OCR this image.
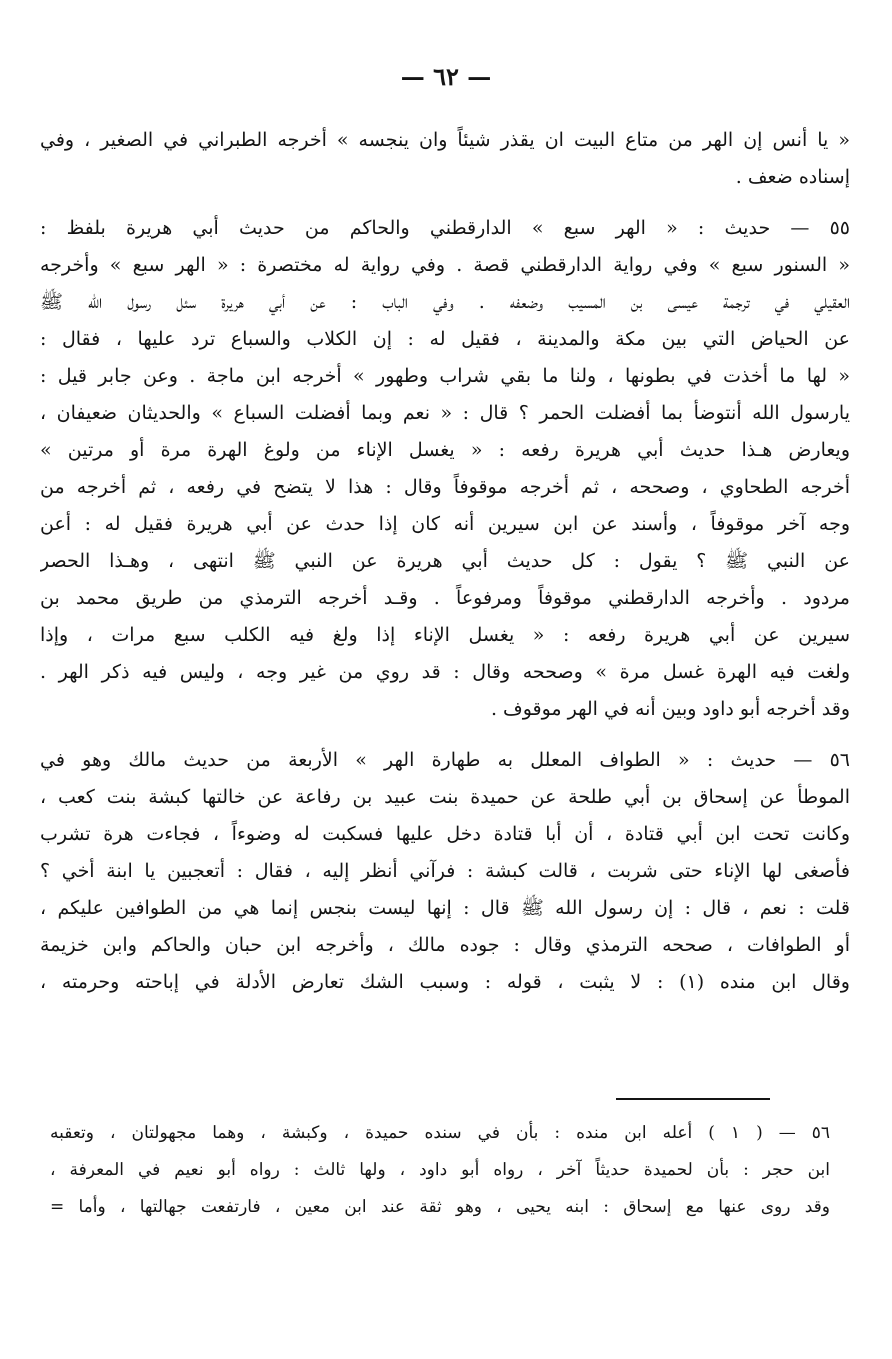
— ٦٢ —
« يا أنس إن الهر من متاع البيت ان يقذر شيئاً وان ينجسه » أخرجه الطبراني في الصغير ، وفي
إسناده ضعف .
٥٥ — حديث : « الهر سبع » الدارقطني والحاكم من حديث أبي هريرة بلفظ :
« السنور سبع » وفي رواية الدارقطني قصة . وفي رواية له مختصرة : « الهر سبع » وأخرجه
العقيلي في ترجمة عيسى بن المسيب وضعفه . وفي الباب : عن أبي هريرة سئل رسول الله ﷺ
عن الحياض التي بين مكة والمدينة ، فقيل له : إن الكلاب والسباع ترد عليها ، فقال :
« لها ما أخذت في بطونها ، ولنا ما بقي شراب وطهور » أخرجه ابن ماجة . وعن جابر قيل :
يارسول الله أنتوضأ بما أفضلت الحمر ؟ قال : « نعم وبما أفضلت السباع » والحديثان ضعيفان ،
ويعارض هـذا حديث أبي هريرة رفعه : « يغسل الإناء من ولوغ الهرة مرة أو مرتين »
أخرجه الطحاوي ، وصححه ، ثم أخرجه موقوفاً وقال : هذا لا يتضح في رفعه ، ثم أخرجه من
وجه آخر موقوفاً ، وأسند عن ابن سيرين أنه كان إذا حدث عن أبي هريرة فقيل له : أعن
عن النبي ﷺ ؟ يقول : كل حديث أبي هريرة عن النبي ﷺ انتهى ، وهـذا الحصر
مردود . وأخرجه الدارقطني موقوفاً ومرفوعاً . وقـد أخرجه الترمذي من طريق محمد بن
سيرين عن أبي هريرة رفعه : « يغسل الإناء إذا ولغ فيه الكلب سبع مرات ، وإذا
ولغت فيه الهرة غسل مرة » وصححه وقال : قد روي من غير وجه ، وليس فيه ذكر الهر .
وقد أخرجه أبو داود وبين أنه في الهر موقوف .
٥٦ — حديث : « الطواف المعلل به طهارة الهر » الأربعة من حديث مالك وهو في
الموطأ عن إسحاق بن أبي طلحة عن حميدة بنت عبيد بن رفاعة عن خالتها كبشة بنت كعب ،
وكانت تحت ابن أبي قتادة ، أن أبا قتادة دخل عليها فسكبت له وضوءاً ، فجاءت هرة تشرب
فأصغى لها الإناء حتى شربت ، قالت كبشة : فرآني أنظر إليه ، فقال : أتعجبين يا ابنة أخي ؟
قلت : نعم ، قال : إن رسول الله ﷺ قال : إنها ليست بنجس إنما هي من الطوافين عليكم ،
أو الطوافات ، صححه الترمذي وقال : جوده مالك ، وأخرجه ابن حبان والحاكم وابن خزيمة
وقال ابن منده (١) : لا يثبت ، قوله : وسبب الشك تعارض الأدلة في إباحته وحرمته ،
٥٦ — ( ١ ) أعله ابن منده : بأن في سنده حميدة ، وكبشة ، وهما مجهولتان ، وتعقبه
ابن حجر : بأن لحميدة حديثاً آخر ، رواه أبو داود ، ولها ثالث : رواه أبو نعيم في المعرفة ،
وقد روى عنها مع إسحاق : ابنه يحيى ، وهو ثقة عند ابن معين ، فارتفعت جهالتها ، وأما =
